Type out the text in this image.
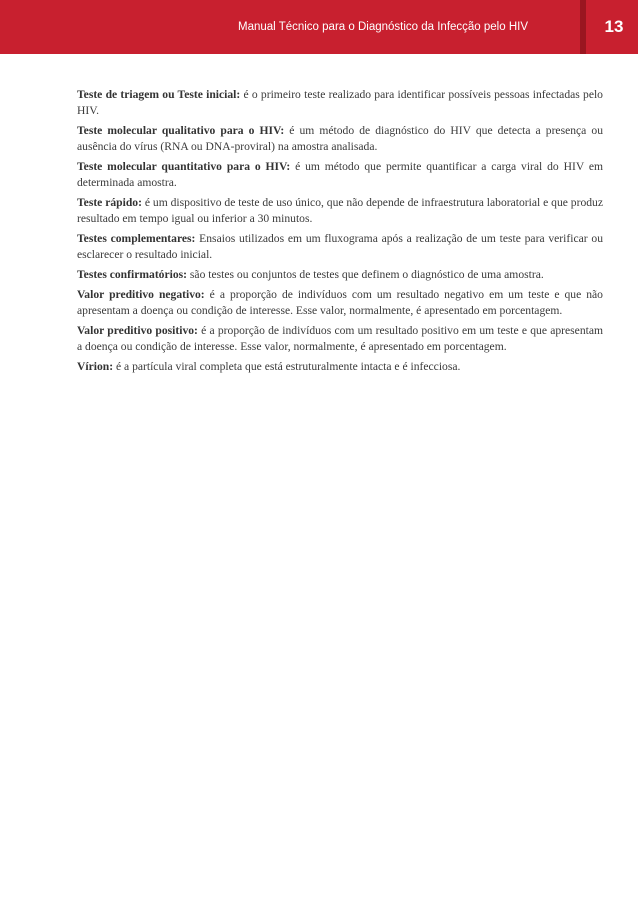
Manual Técnico para o Diagnóstico da Infecção pelo HIV	13

Teste de triagem ou Teste inicial: é o primeiro teste realizado para identificar possíveis pessoas infectadas pelo HIV.

Teste molecular qualitativo para o HIV: é um método de diagnóstico do HIV que detecta a presença ou ausência do vírus (RNA ou DNA-proviral) na amostra analisada.

Teste molecular quantitativo para o HIV: é um método que permite quantificar a carga viral do HIV em determinada amostra.

Teste rápido: é um dispositivo de teste de uso único, que não depende de infraestrutura laboratorial e que produz resultado em tempo igual ou inferior a 30 minutos.

Testes complementares: Ensaios utilizados em um fluxograma após a realização de um teste para verificar ou esclarecer o resultado inicial.

Testes confirmatórios: são testes ou conjuntos de testes que definem o diagnóstico de uma amostra.

Valor preditivo negativo: é a proporção de indivíduos com um resultado negativo em um teste e que não apresentam a doença ou condição de interesse. Esse valor, normalmente, é apresentado em porcentagem.

Valor preditivo positivo: é a proporção de indivíduos com um resultado positivo em um teste e que apresentam a doença ou condição de interesse. Esse valor, normalmente, é apresentado em porcentagem.

Vírion: é a partícula viral completa que está estruturalmente intacta e é infecciosa.
